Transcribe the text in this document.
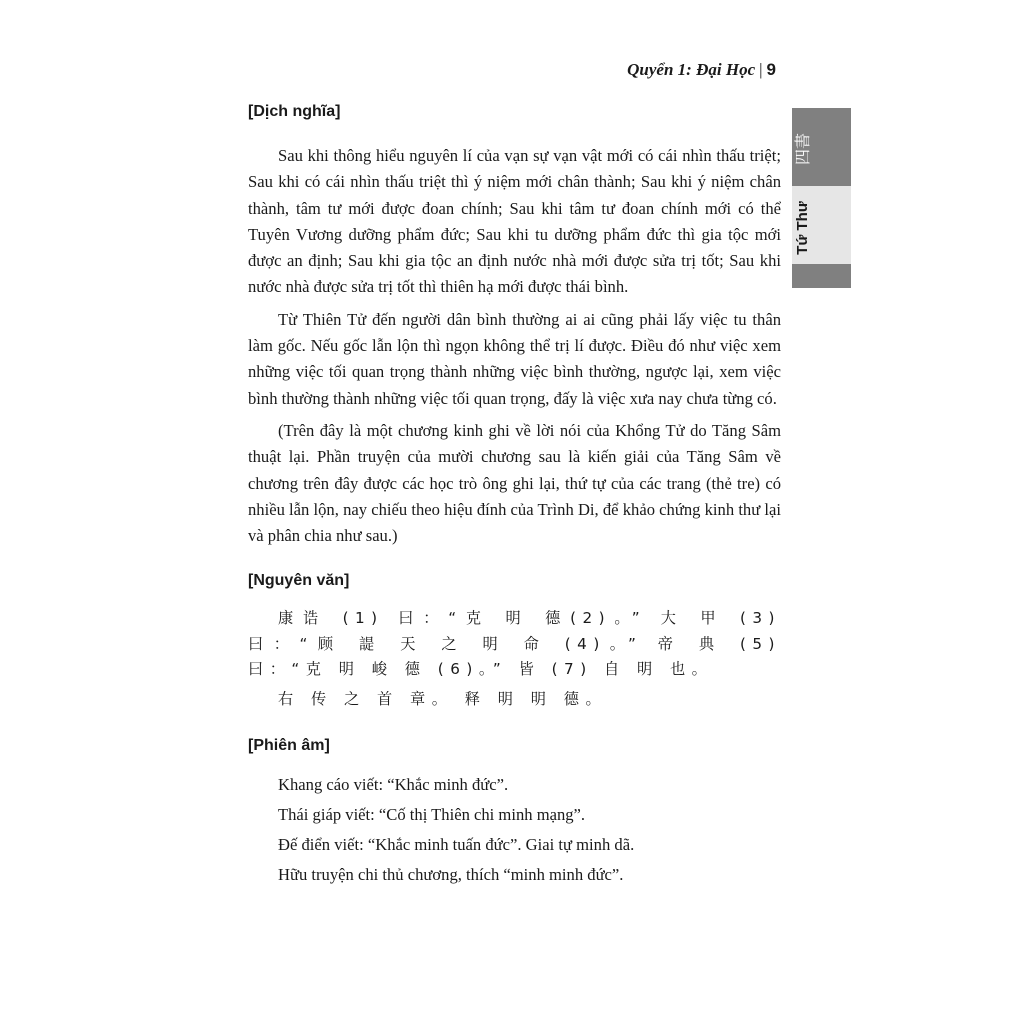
Quyển 1: Đại Học | 9
四書
Tứ Thư
[Dịch nghĩa]

Sau khi thông hiểu nguyên lí của vạn sự vạn vật mới có cái nhìn thấu triệt; Sau khi có cái nhìn thấu triệt thì ý niệm mới chân thành; Sau khi ý niệm chân thành, tâm tư mới được đoan chính; Sau khi tâm tư đoan chính mới có thể Tuyên Vương dưỡng phẩm đức; Sau khi tu dưỡng phẩm đức thì gia tộc mới được an định; Sau khi gia tộc an định nước nhà mới được sửa trị tốt; Sau khi nước nhà được sửa trị tốt thì thiên hạ mới được thái bình.

Từ Thiên Tử đến người dân bình thường ai ai cũng phải lấy việc tu thân làm gốc. Nếu gốc lẫn lộn thì ngọn không thể trị lí được. Điều đó như việc xem những việc tối quan trọng thành những việc bình thường, ngược lại, xem việc bình thường thành những việc tối quan trọng, đấy là việc xưa nay chưa từng có.

(Trên đây là một chương kinh ghi về lời nói của Khổng Tử do Tăng Sâm thuật lại. Phần truyện của mười chương sau là kiến giải của Tăng Sâm về chương trên đây được các học trò ông ghi lại, thứ tự của các trang (thẻ tre) có nhiều lẫn lộn, nay chiếu theo hiệu đính của Trình Di, để khảo chứng kinh thư lại và phân chia như sau.)

[Nguyên văn]

康诰 (1) 曰：“克 明 德(2)。” 大 甲 (3) 曰：“顾 諟 天 之 明 命 (4)。” 帝 典 (5) 曰：“克 明 峻 德 (6)。” 皆 (7) 自 明 也。

右 传 之 首 章。 释 明 明 德。

[Phiên âm]

Khang cáo viết: “Khắc minh đức”.

Thái giáp viết: “Cố thị Thiên chi minh mạng”.

Đế điển viết: “Khắc minh tuấn đức”. Giai tự minh dã.

Hữu truyện chi thủ chương, thích “minh minh đức”.
